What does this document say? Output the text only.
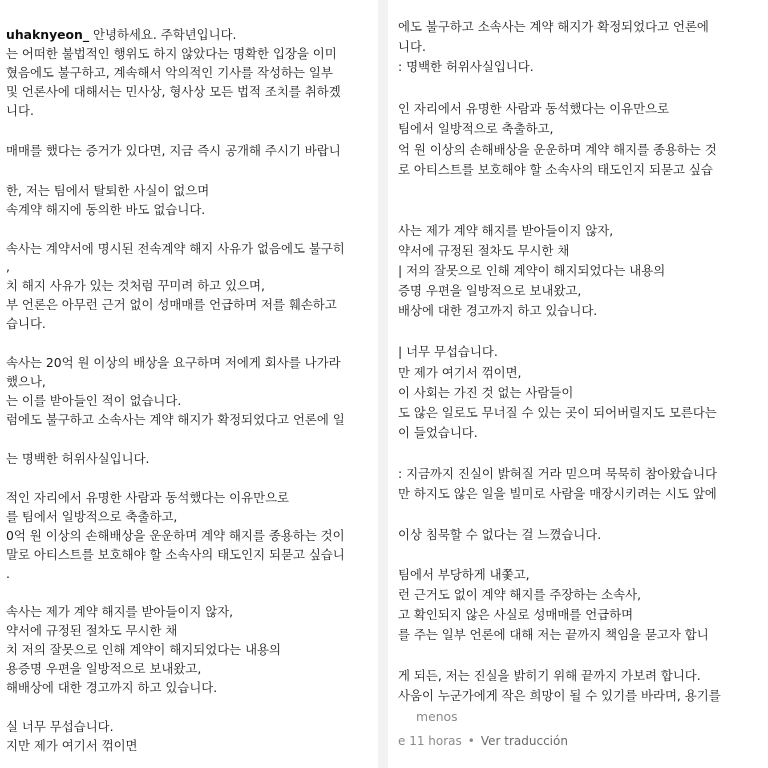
uhaknyeon_ 안녕하세요. 주학년입니다.
는 어떠한 불법적인 행위도 하지 않았다는 명확한 입장을 이미
혔음에도 불구하고, 계속해서 악의적인 기사를 작성하는 일부
및 언론사에 대해서는 민사상, 형사상 모든 법적 조치를 취하곘
니다.
매매를 했다는 증거가 있다면, 지금 즉시 공개해 주시기 바랍니
한, 저는 팀에서 탈퇴한 사실이 없으며
속계약 해지에 동의한 바도 없습니다.
속사는 계약서에 명시된 전속계약 해지 사유가 없음에도 불구히
,
치 해지 사유가 있는 것처럼 꾸미려 하고 있으며,
부 언론은 아무런 근거 없이 성매매를 언급하며 저를 훼손하고
습니다.
속사는 20억 원 이상의 배상을 요구하며 저에게 회사를 나가라
했으나,
는 이를 받아들인 적이 없습니다.
럼에도 불구하고 소속사는 계약 해지가 확정되었다고 언론에 일
는 명백한 허위사실입니다.
적인 자리에서 유명한 사람과 동석했다는 이유만으로
를 팀에서 일방적으로 축출하고,
0억 원 이상의 손해배상을 운운하며 계약 해지를 종용하는 것이
말로 아티스트를 보호해야 할 소속사의 태도인지 되묻고 싶습니
.
속사는 제가 계약 해지를 받아들이지 않자,
약서에 규정된 절차도 무시한 채
치 저의 잘못으로 인해 계약이 해지되었다는 내용의
용증명 우편을 일방적으로 보내왔고,
해배상에 대한 경고까지 하고 있습니다.
실 너무 무섭습니다.
지만 제가 여기서 꺾이면
에도 불구하고 소속사는 계약 해지가 확정되었다고 언론에
니다.
: 명백한 허위사실입니다.
인 자리에서 유명한 사람과 동석했다는 이유만으로
팀에서 일방적으로 축출하고,
억 원 이상의 손해배상을 운운하며 계약 해지를 종용하는 것
로 아티스트를 보호해야 할 소속사의 태도인지 되묻고 싶습
사는 제가 계약 해지를 받아들이지 않자,
약서에 규정된 절차도 무시한 채
| 저의 잘못으로 인해 계약이 해지되었다는 내용의
증명 우편을 일방적으로 보내왔고,
배상에 대한 경고까지 하고 있습니다.
| 너무 무섭습니다.
만 제가 여기서 꺾이면,
이 사회는 가진 것 없는 사람들이
도 않은 일로도 무너질 수 있는 곳이 되어버릴지도 모른다는
이 들었습니다.
: 지금까지 진실이 밝혀질 거라 믿으며 묵묵히 참아왔습니다
만 하지도 않은 일을 빌미로 사람을 매장시키려는 시도 앞에
이상 침묵할 수 없다는 걸 느꼈습니다.
팀에서 부당하게 내쫓고,
런 근거도 없이 계약 해지를 주장하는 소속사,
고 확인되지 않은 사실로 성매매를 언급하며
를 주는 일부 언론에 대해 저는 끝까지 책임을 묻고자 합니
게 되든, 저는 진실을 밝히기 위해 끝까지 가보려 합니다.
사움이 누군가에게 작은 희망이 될 수 있기를 바라며, 용기를
menos
e 11 horas • Ver traducción
